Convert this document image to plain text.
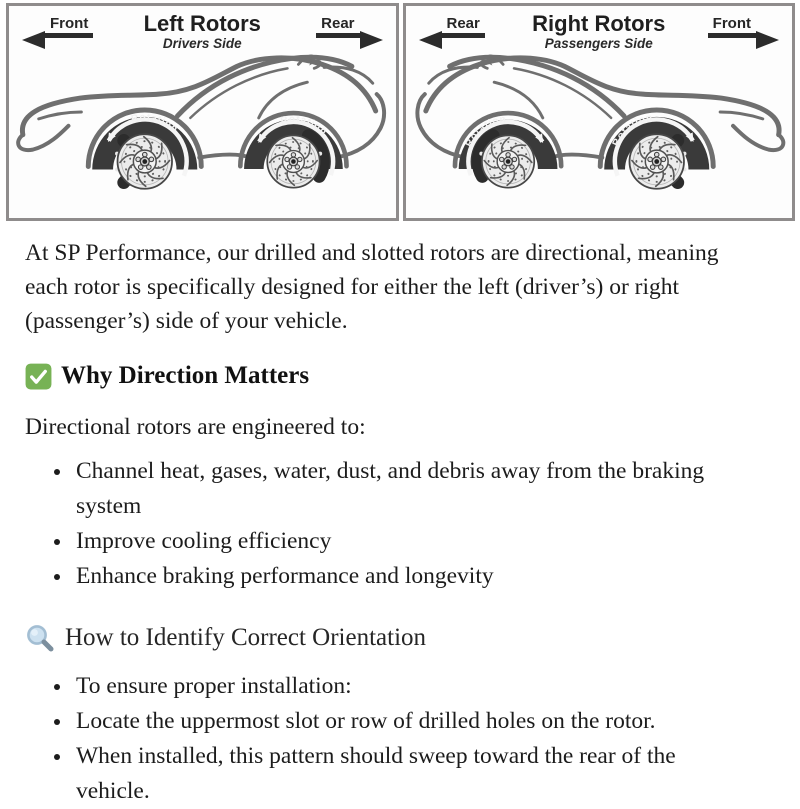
Front	Rear
Left Rotors
Drivers Side
Rotation
Rotation
Rear	Front
Right Rotors
Passengers Side
Rotation
Rotation

At SP Performance, our drilled and slotted rotors are directional, meaning each rotor is specifically designed for either the left (driver’s) or right (passenger’s) side of your vehicle.

Why Direction Matters

Directional rotors are engineered to:

• Channel heat, gases, water, dust, and debris away from the braking system
• Improve cooling efficiency
• Enhance braking performance and longevity
How to Identify Correct Orientation
• To ensure proper installation:
• Locate the uppermost slot or row of drilled holes on the rotor.
• When installed, this pattern should sweep toward the rear of the vehicle.
